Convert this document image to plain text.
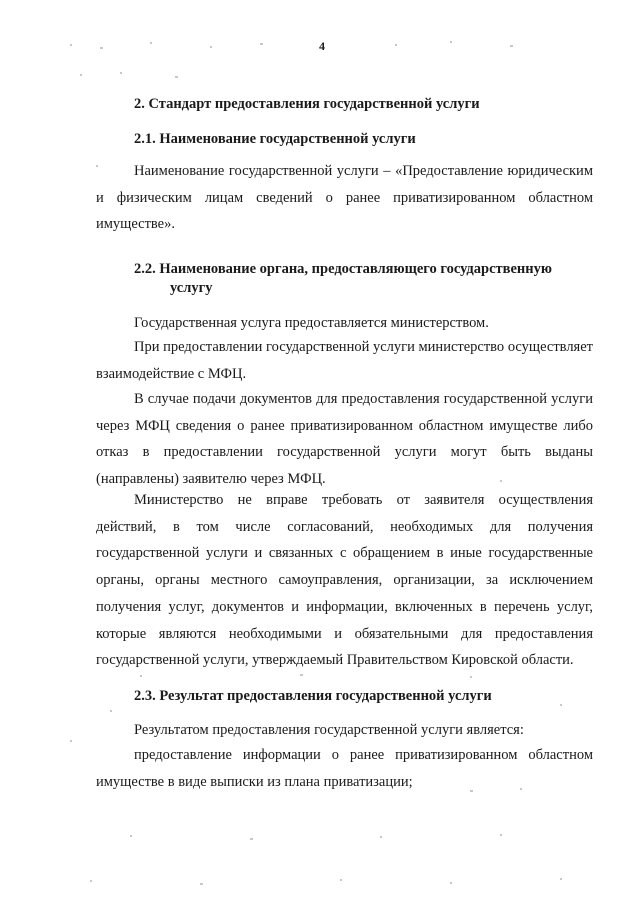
4
2. Стандарт предоставления государственной услуги
2.1. Наименование государственной услуги
Наименование государственной услуги – «Предоставление юридическим и физическим лицам сведений о ранее приватизированном областном имуществе».
2.2. Наименование органа, предоставляющего государственную
услугу
Государственная услуга предоставляется министерством.
При предоставлении государственной услуги министерство осуществляет взаимодействие с МФЦ.
В случае подачи документов для предоставления государственной услуги через МФЦ сведения о ранее приватизированном областном имуществе либо отказ в предоставлении государственной услуги могут быть выданы (направлены) заявителю через МФЦ.
Министерство не вправе требовать от заявителя осуществления действий, в том числе согласований, необходимых для получения государственной услуги и связанных с обращением в иные государственные органы, органы местного самоуправления, организации, за исключением получения услуг, документов и информации, включенных в перечень услуг, которые являются необходимыми и обязательными для предоставления государственной услуги, утверждаемый Правительством Кировской области.
2.3. Результат предоставления государственной услуги
Результатом предоставления государственной услуги является:
предоставление информации о ранее приватизированном областном имуществе в виде выписки из плана приватизации;
